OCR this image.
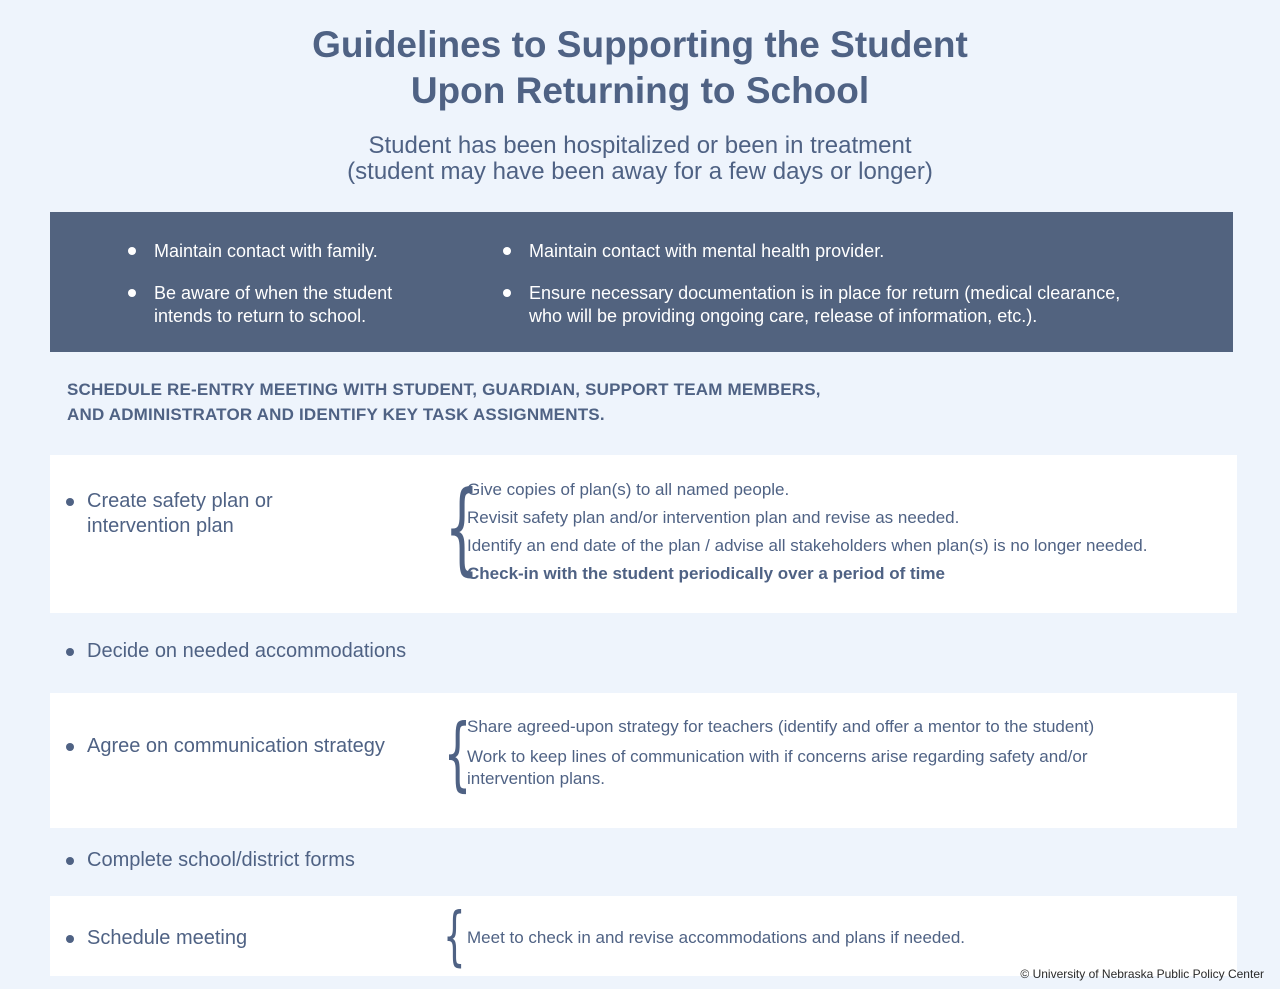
Guidelines to Supporting the Student
Upon Returning to School
Student has been hospitalized or been in treatment
(student may have been away for a few days or longer)
Maintain contact with family.
Be aware of when the student
intends to return to school.
Maintain contact with mental health provider.
Ensure necessary documentation is in place for return (medical clearance,
who will be providing ongoing care, release of information, etc.).
SCHEDULE RE-ENTRY MEETING WITH STUDENT, GUARDIAN, SUPPORT TEAM MEMBERS,
AND ADMINISTRATOR AND IDENTIFY KEY TASK ASSIGNMENTS.
Create safety plan or
intervention plan	{
Give copies of plan(s) to all named people.
Revisit safety plan and/or intervention plan and revise as needed.
Identify an end date of the plan / advise all stakeholders when plan(s) is no longer needed.
Check-in with the student periodically over a period of time
Decide on needed accommodations
Agree on communication strategy {
Share agreed-upon strategy for teachers (identify and offer a mentor to the student)
Work to keep lines of communication with if concerns arise regarding safety and/or
intervention plans.
Complete school/district forms
Schedule meeting	{ Meet to check in and revise accommodations and plans if needed.
© University of Nebraska Public Policy Center
